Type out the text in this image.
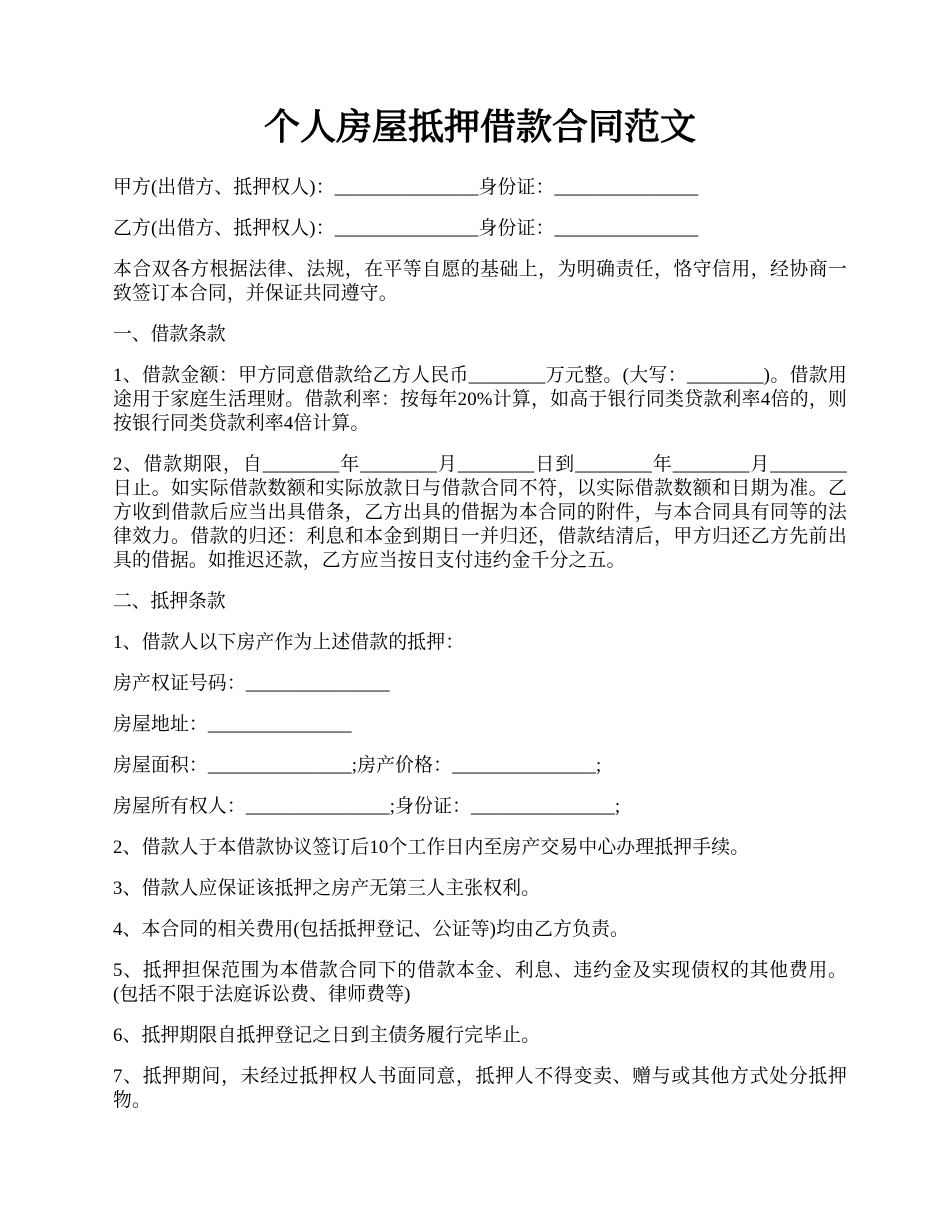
个人房屋抵押借款合同范文

甲方(出借方、抵押权人)：_______________身份证：_______________

乙方(出借方、抵押权人)：_______________身份证：_______________

本合双各方根据法律、法规，在平等自愿的基础上，为明确责任，恪守信用，经协商一致签订本合同，并保证共同遵守。

一、借款条款

1、借款金额：甲方同意借款给乙方人民币________万元整。(大写：________)。借款用途用于家庭生活理财。借款利率：按每年20%计算，如高于银行同类贷款利率4倍的，则按银行同类贷款利率4倍计算。

2、借款期限，自________年________月________日到________年________月________日止。如实际借款数额和实际放款日与借款合同不符，以实际借款数额和日期为准。乙方收到借款后应当出具借条，乙方出具的借据为本合同的附件，与本合同具有同等的法律效力。借款的归还：利息和本金到期日一并归还，借款结清后，甲方归还乙方先前出具的借据。如推迟还款，乙方应当按日支付违约金千分之五。

二、抵押条款

1、借款人以下房产作为上述借款的抵押：

房产权证号码：_______________

房屋地址：_______________

房屋面积：_______________;房产价格：_______________;

房屋所有权人：_______________;身份证：_______________;

2、借款人于本借款协议签订后10个工作日内至房产交易中心办理抵押手续。

3、借款人应保证该抵押之房产无第三人主张权利。

4、本合同的相关费用(包括抵押登记、公证等)均由乙方负责。

5、抵押担保范围为本借款合同下的借款本金、利息、违约金及实现债权的其他费用。(包括不限于法庭诉讼费、律师费等)

6、抵押期限自抵押登记之日到主债务履行完毕止。

7、抵押期间，未经过抵押权人书面同意，抵押人不得变卖、赠与或其他方式处分抵押物。
